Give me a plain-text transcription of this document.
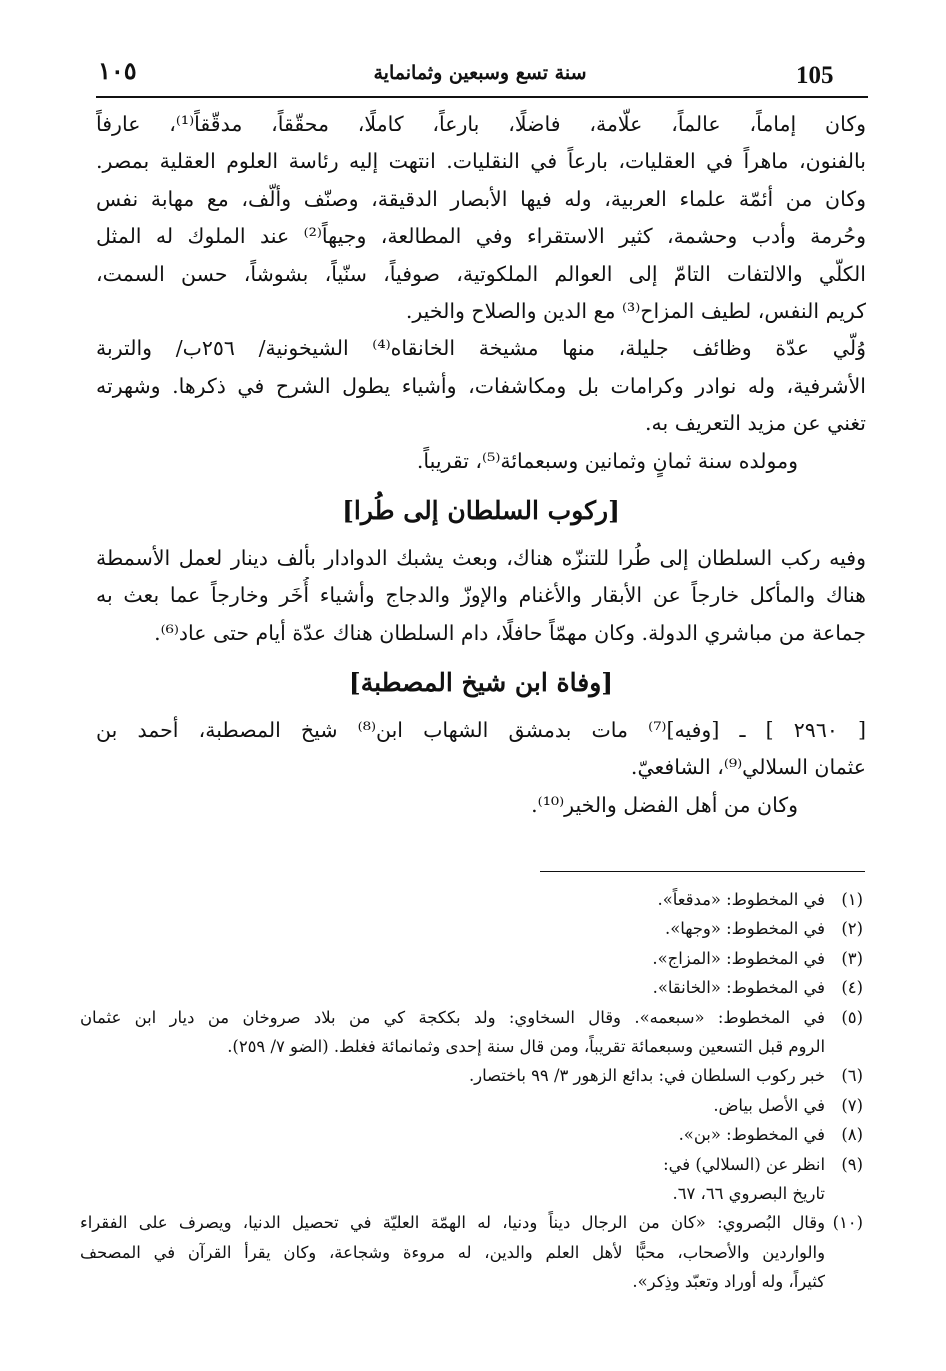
١٠٥	سنة تسع وسبعين وثمانماية	105
وكان إماماً، عالماً، علّامة، فاضلًا، بارعاً، كاملًا، محقّقاً، مدقّقاً⁽¹⁾، عارفاً
بالفنون، ماهراً في العقليات، بارعاً في النقليات. انتهت إليه رئاسة العلوم العقلية بمصر.
وكان من أئمّة علماء العربية، وله فيها الأبصار الدقيقة، وصنّف وألّف، مع مهابة نفس
وحُرمة وأدب وحشمة، كثير الاستقراء وفي المطالعة، وجيهاً⁽²⁾ عند الملوك له المثل
الكلّي والالتفات التامّ إلى العوالم الملكوتية، صوفياً، سنّياً، بشوشاً، حسن السمت،
كريم النفس، لطيف المزاح⁽³⁾ مع الدين والصلاح والخير.
وُلّي عدّة وظائف جليلة، منها مشيخة الخانقاه⁽⁴⁾ الشيخونية/ ٢٥٦ب/ والتربة
الأشرفية، وله نوادر وكرامات بل ومكاشفات، وأشياء يطول الشرح في ذكرها. وشهرته
تغني عن مزيد التعريف به.
ومولده سنة ثمانٍ وثمانين وسبعمائة⁽⁵⁾، تقريباً.
[ركوب السلطان إلى طُرا]
وفيه ركب السلطان إلى طُرا للتنزّه هناك، وبعث يشبك الدوادار بألف دينار لعمل الأسمطة
هناك والمأكل خارجاً عن الأبقار والأغنام والإوزّ والدجاج وأشياء أُخَر وخارجاً عما بعث به
جماعة من مباشري الدولة. وكان مهمّاً حافلًا، دام السلطان هناك عدّة أيام حتى عاد⁽⁶⁾.
[وفاة ابن شيخ المصطبة]
[ ٢٩٦٠ ] ـ [وفيه]⁽⁷⁾ مات بدمشق الشهاب ابن⁽⁸⁾ شيخ المصطبة، أحمد بن
عثمان السلالي⁽⁹⁾، الشافعيّ.
وكان من أهل الفضل والخير⁽¹⁰⁾.
(١)
في المخطوط: «مدقعاً».
(٢)
في المخطوط: «وجها».
(٣)
في المخطوط: «المزاج».
(٤)
في المخطوط: «الخانقا».
(٥)
في المخطوط: «سبعمه». وقال السخاوي: ولد بككجة كي من بلاد صروخان من ديار ابن عثمان
الروم قبل التسعين وسبعمائة تقريباً، ومن قال سنة إحدى وثمانمائة فغلط. (الضو ٧/ ٢٥٩).
(٦)
خبر ركوب السلطان في: بدائع الزهور ٣/ ٩٩ باختصار.
(٧)
في الأصل بياض.
(٨)
في المخطوط: «بن».
(٩)
انظر عن (السلالي) في:
تاريخ البصروي ٦٦، ٦٧.
(١٠)
وقال البُصروي: «كان من الرجال ديناً ودنيا، له الهمّة العليّة في تحصيل الدنيا، ويصرف على الفقراء
والواردين والأصحاب، محبًّا لأهل العلم والدين، له مروءة وشجاعة، وكان يقرأ القرآن في المصحف
كثيراً، وله أوراد وتعبّد وذِكر».
